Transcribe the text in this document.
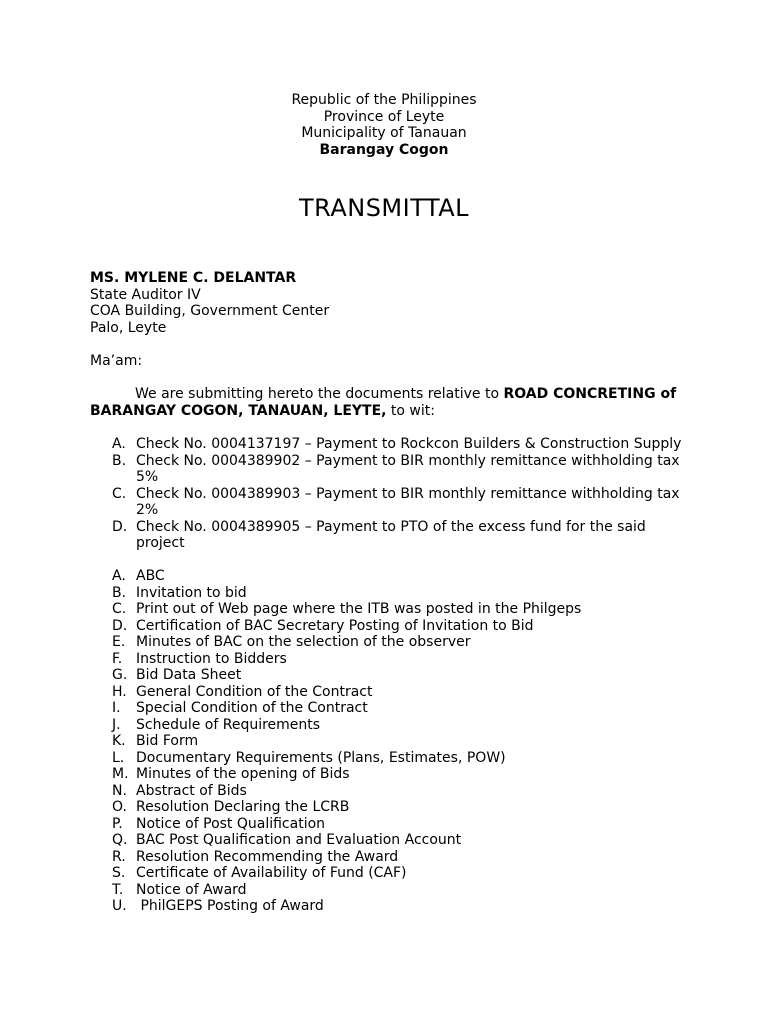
Republic of the Philippines
Province of Leyte
Municipality of Tanauan
Barangay Cogon
TRANSMITTAL
MS. MYLENE C. DELANTAR
State Auditor IV
COA Building, Government Center
Palo, Leyte
Ma’am:
We are submitting hereto the documents relative to ROAD CONCRETING of BARANGAY COGON, TANAUAN, LEYTE, to wit:
A. Check No. 0004137197 – Payment to Rockcon Builders & Construction Supply
B. Check No. 0004389902 – Payment to BIR monthly remittance withholding tax 5%
C. Check No. 0004389903 – Payment to BIR monthly remittance withholding tax 2%
D. Check No. 0004389905 – Payment to PTO of the excess fund for the said project
A. ABC
B. Invitation to bid
C. Print out of Web page where the ITB was posted in the Philgeps
D. Certification of BAC Secretary Posting of Invitation to Bid
E. Minutes of BAC on the selection of the observer
F. Instruction to Bidders
G. Bid Data Sheet
H. General Condition of the Contract
I. Special Condition of the Contract
J. Schedule of Requirements
K. Bid Form
L. Documentary Requirements (Plans, Estimates, POW)
M. Minutes of the opening of Bids
N. Abstract of Bids
O. Resolution Declaring the LCRB
P. Notice of Post Qualification
Q. BAC Post Qualification and Evaluation Account
R. Resolution Recommending the Award
S. Certificate of Availability of Fund (CAF)
T. Notice of Award
U. PhilGEPS Posting of Award
